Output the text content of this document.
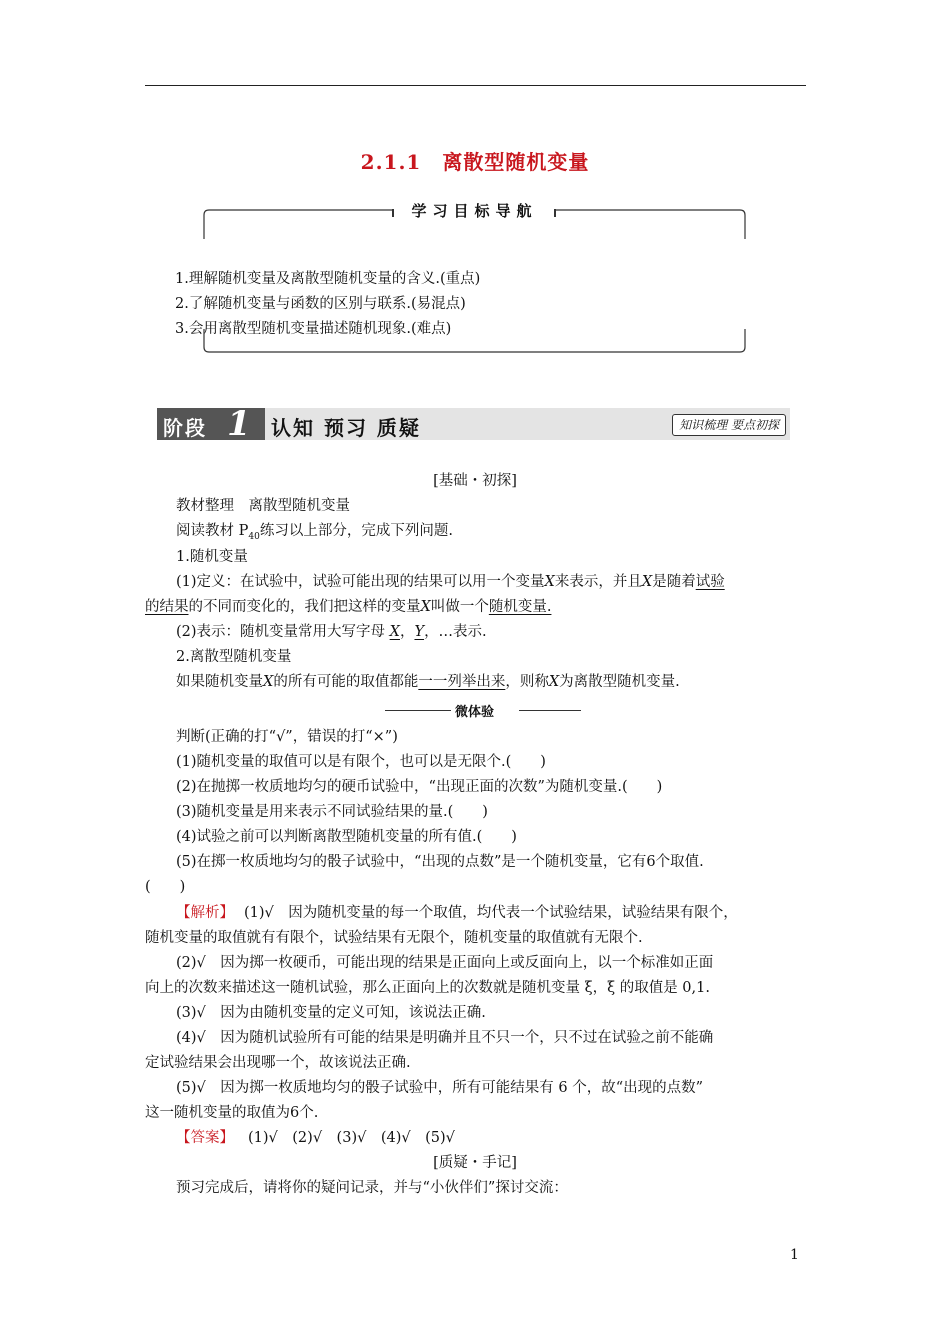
2.1.1　离散型随机变量
学习目标导航
1.理解随机变量及离散型随机变量的含义.(重点)
2.了解随机变量与函数的区别与联系.(易混点)
3.会用离散型随机变量描述随机现象.(难点)
阶段 1 认知 预习 质疑	知识梳理 要点初探
[基础・初探]
教材整理　离散型随机变量
阅读教材 $P_{40}$练习以上部分，完成下列问题.
1.随机变量
(1)定义：在试验中，试验可能出现的结果可以用一个变量X来表示，并且X是随着试验
的结果的不同而变化的，我们把这样的变量X叫做一个随机变量.
(2)表示：随机变量常用大写字母 X，Y，…表示.
2.离散型随机变量
如果随机变量X的所有可能的取值都能一一列举出来，则称X为离散型随机变量.
微体验
判断(正确的打“√”，错误的打“×”)
(1)随机变量的取值可以是有限个，也可以是无限个.(　　)
(2)在抛掷一枚质地均匀的硬币试验中，“出现正面的次数”为随机变量.(　　)
(3)随机变量是用来表示不同试验结果的量.(　　)
(4)试验之前可以判断离散型随机变量的所有值.(　　)
(5)在掷一枚质地均匀的骰子试验中，“出现的点数”是一个随机变量，它有6个取值.
(　　)
【解析】 (1)√　因为随机变量的每一个取值，均代表一个试验结果，试验结果有限个，
随机变量的取值就有有限个，试验结果有无限个，随机变量的取值就有无限个.
(2)√　因为掷一枚硬币，可能出现的结果是正面向上或反面向上，以一个标准如正面
向上的次数来描述这一随机试验，那么正面向上的次数就是随机变量 ξ，ξ 的取值是 0,1.
(3)√　因为由随机变量的定义可知，该说法正确.
(4)√　因为随机试验所有可能的结果是明确并且不只一个，只不过在试验之前不能确
定试验结果会出现哪一个，故该说法正确.
(5)√　因为掷一枚质地均匀的骰子试验中，所有可能结果有 6 个，故“出现的点数”
这一随机变量的取值为6个.
【答案】 (1)√　(2)√　(3)√　(4)√　(5)√
[质疑・手记]
预习完成后，请将你的疑问记录，并与“小伙伴们”探讨交流：
1
